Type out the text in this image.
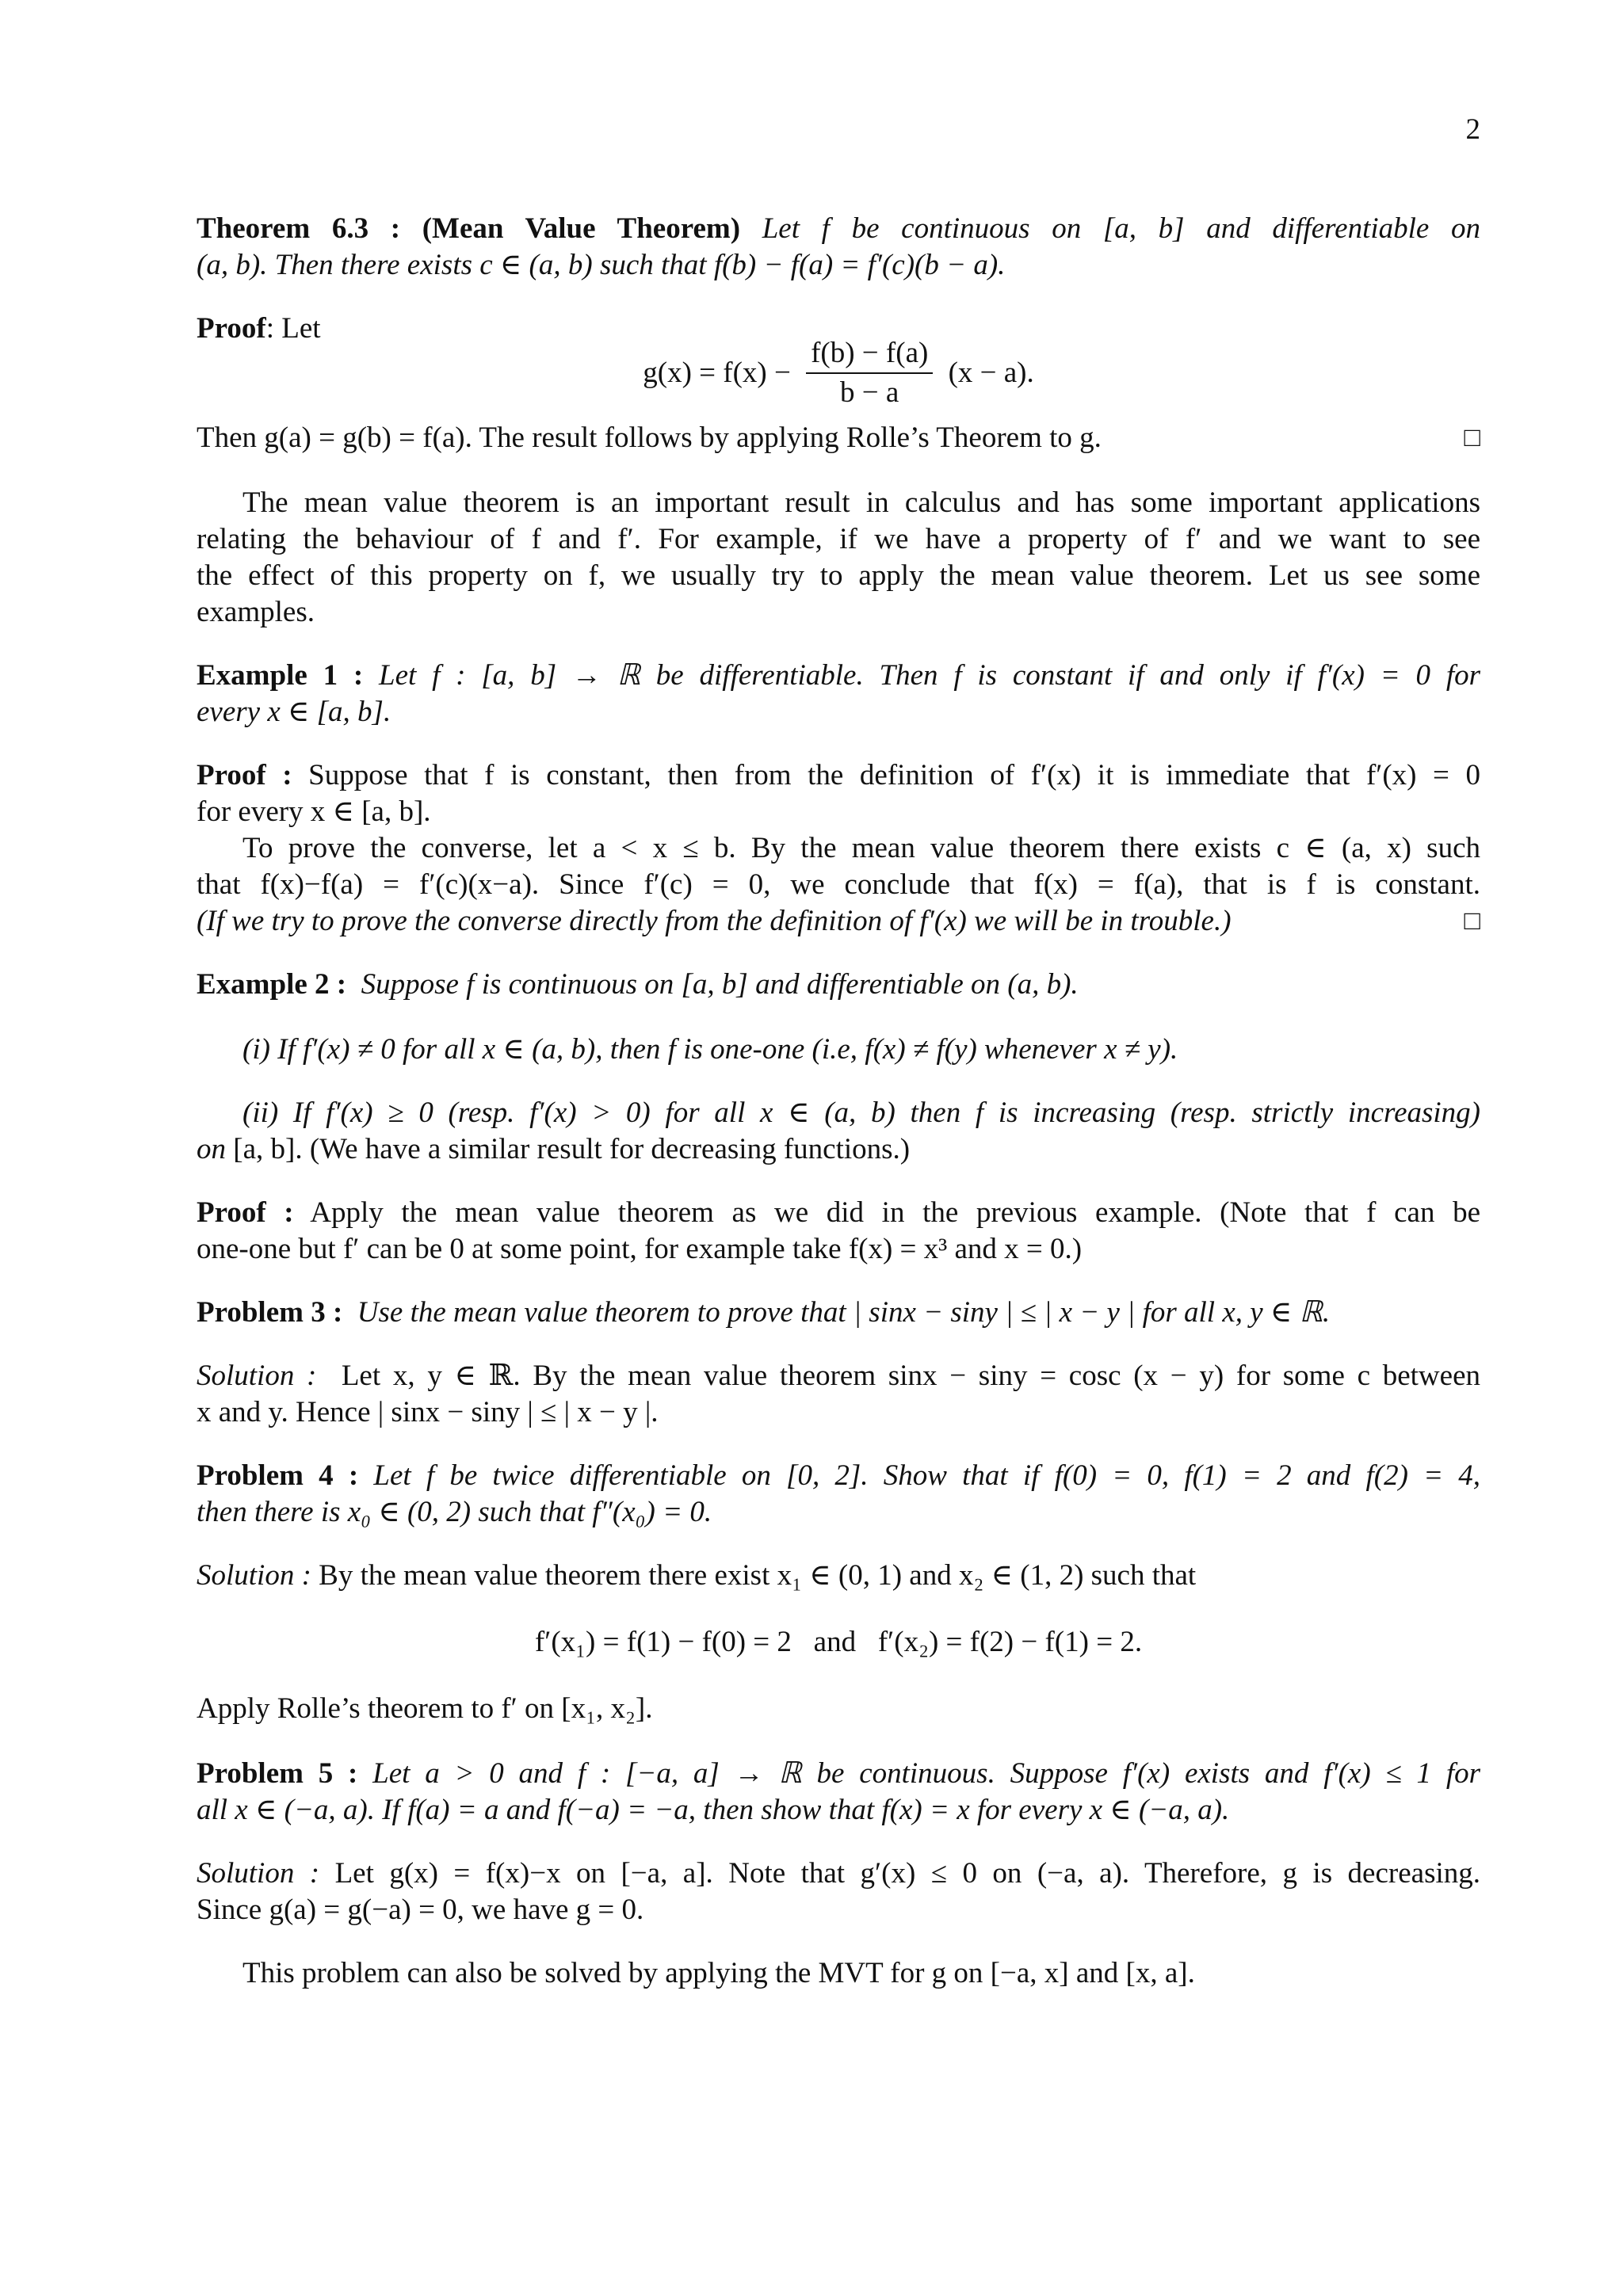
2
Theorem 6.3 : (Mean Value Theorem) Let f be continuous on [a, b] and differentiable on
(a, b). Then there exists c ∈ (a, b) such that f(b) − f(a) = f′(c)(b − a).
Proof: Let
$g(x) = f(x) - \frac{f(b) - f(a)}{b - a} (x - a)$.
Then g(a) = g(b) = f(a). The result follows by applying Rolle’s Theorem to g.	□
The mean value theorem is an important result in calculus and has some important applications
relating the behaviour of f and f′. For example, if we have a property of f′ and we want to see
the effect of this property on f, we usually try to apply the mean value theorem. Let us see some
examples.
Example 1 : Let f : [a, b] → ℝ be differentiable. Then f is constant if and only if f′(x) = 0 for
every x ∈ [a, b].
Proof : Suppose that f is constant, then from the definition of f′(x) it is immediate that f′(x) = 0
for every x ∈ [a, b].
To prove the converse, let a < x ≤ b. By the mean value theorem there exists c ∈ (a, x) such
that f(x)−f(a) = f′(c)(x−a). Since f′(c) = 0, we conclude that f(x) = f(a), that is f is constant.
(If we try to prove the converse directly from the definition of f′(x) we will be in trouble.)	□
Example 2 : Suppose f is continuous on [a, b] and differentiable on (a, b).
(i) If f′(x) ≠ 0 for all x ∈ (a, b), then f is one-one (i.e, f(x) ≠ f(y) whenever x ≠ y).
(ii) If f′(x) ≥ 0 (resp. f′(x) > 0) for all x ∈ (a, b) then f is increasing (resp. strictly increasing)
on [a, b]. (We have a similar result for decreasing functions.)
Proof : Apply the mean value theorem as we did in the previous example. (Note that f can be
one-one but f′ can be 0 at some point, for example take f(x) = x³ and x = 0.)
Problem 3 : Use the mean value theorem to prove that | sinx − siny | ≤ | x − y | for all x, y ∈ ℝ.
Solution : Let x, y ∈ ℝ. By the mean value theorem sinx − siny = cosc (x − y) for some c between
x and y. Hence | sinx − siny | ≤ | x − y |.
Problem 4 : Let f be twice differentiable on [0, 2]. Show that if f(0) = 0, f(1) = 2 and f(2) = 4,
then there is x₀ ∈ (0, 2) such that f″(x₀) = 0.
Solution : By the mean value theorem there exist x₁ ∈ (0, 1) and x₂ ∈ (1, 2) such that
f′(x₁) = f(1) − f(0) = 2   and   f′(x₂) = f(2) − f(1) = 2.
Apply Rolle’s theorem to f′ on [x₁, x₂].
Problem 5 : Let a > 0 and f : [−a, a] → ℝ be continuous. Suppose f′(x) exists and f′(x) ≤ 1 for
all x ∈ (−a, a). If f(a) = a and f(−a) = −a, then show that f(x) = x for every x ∈ (−a, a).
Solution : Let g(x) = f(x)−x on [−a, a]. Note that g′(x) ≤ 0 on (−a, a). Therefore, g is decreasing.
Since g(a) = g(−a) = 0, we have g = 0.
This problem can also be solved by applying the MVT for g on [−a, x] and [x, a].
